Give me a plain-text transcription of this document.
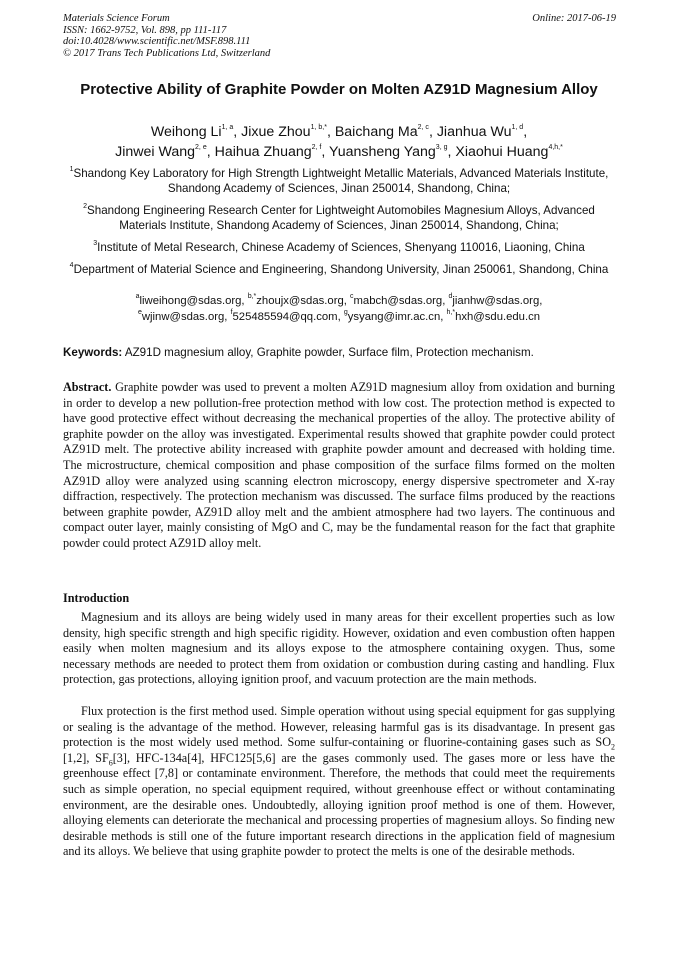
Materials Science Forum
ISSN: 1662-9752, Vol. 898, pp 111-117
doi:10.4028/www.scientific.net/MSF.898.111
© 2017 Trans Tech Publications Ltd, Switzerland
Online: 2017-06-19
Protective Ability of Graphite Powder on Molten AZ91D Magnesium Alloy
Weihong Li$^{1, a}$, Jixue Zhou$^{1, b,*}$, Baichang Ma$^{2, c}$, Jianhua Wu$^{1, d}$,
Jinwei Wang$^{2, e}$, Haihua Zhuang$^{2, f}$, Yuansheng Yang$^{3, g}$, Xiaohui Huang$^{4,h,*}$
$^1$Shandong Key Laboratory for High Strength Lightweight Metallic Materials, Advanced Materials Institute, Shandong Academy of Sciences, Jinan 250014, Shandong, China;
$^2$Shandong Engineering Research Center for Lightweight Automobiles Magnesium Alloys, Advanced Materials Institute, Shandong Academy of Sciences, Jinan 250014, Shandong, China;
$^3$Institute of Metal Research, Chinese Academy of Sciences, Shenyang 110016, Liaoning, China
$^4$Department of Material Science and Engineering, Shandong University, Jinan 250061, Shandong, China
$^a$liweihong@sdas.org, $^{b,*}$zhoujx@sdas.org, $^c$mabch@sdas.org, $^d$jianhw@sdas.org,
$^e$wjinw@sdas.org, $^f$525485594@qq.com, $^g$ysyang@imr.ac.cn, $^{h,*}$hxh@sdu.edu.cn
Keywords: AZ91D magnesium alloy, Graphite powder, Surface film, Protection mechanism.
Abstract. Graphite powder was used to prevent a molten AZ91D magnesium alloy from oxidation and burning in order to develop a new pollution-free protection method with low cost. The protection method is expected to have good protective effect without decreasing the mechanical properties of the alloy. The protective ability of graphite powder on the alloy was investigated. Experimental results showed that graphite powder could protect AZ91D melt. The protective ability increased with graphite powder amount and decreased with holding time. The microstructure, chemical composition and phase composition of the surface films formed on the molten AZ91D alloy were analyzed using scanning electron microscopy, energy dispersive spectrometer and X-ray diffraction, respectively. The protection mechanism was discussed. The surface films produced by the reactions between graphite powder, AZ91D alloy melt and the ambient atmosphere had two layers. The continuous and compact outer layer, mainly consisting of MgO and C, may be the fundamental reason for the fact that graphite powder could protect AZ91D alloy melt.
Introduction
Magnesium and its alloys are being widely used in many areas for their excellent properties such as low density, high specific strength and high specific rigidity. However, oxidation and even combustion often happen easily when molten magnesium and its alloys expose to the atmosphere containing oxygen. Thus, some necessary methods are needed to protect them from oxidation or combustion during casting and handling. Flux protection, gas protections, alloying ignition proof, and vacuum protection are the main methods.
Flux protection is the first method used. Simple operation without using special equipment for gas supplying or sealing is the advantage of the method. However, releasing harmful gas is its disadvantage. In present gas protection is the most widely used method. Some sulfur-containing or fluorine-containing gases such as $SO_2$ [1,2], $SF_6[3]$, HFC-134a[4], HFC125[5,6] are the gases commonly used. The gases more or less have the greenhouse effect [7,8] or contaminate environment. Therefore, the methods that could meet the requirements such as simple operation, no special equipment required, without greenhouse effect or without contaminating environment, are the desirable ones. Undoubtedly, alloying ignition proof method is one of them. However, alloying elements can deteriorate the mechanical and processing properties of magnesium alloys. So finding new desirable methods is still one of the future important research directions in the application field of magnesium and its alloys. We believe that using graphite powder to protect the melts is one of the desirable methods.
